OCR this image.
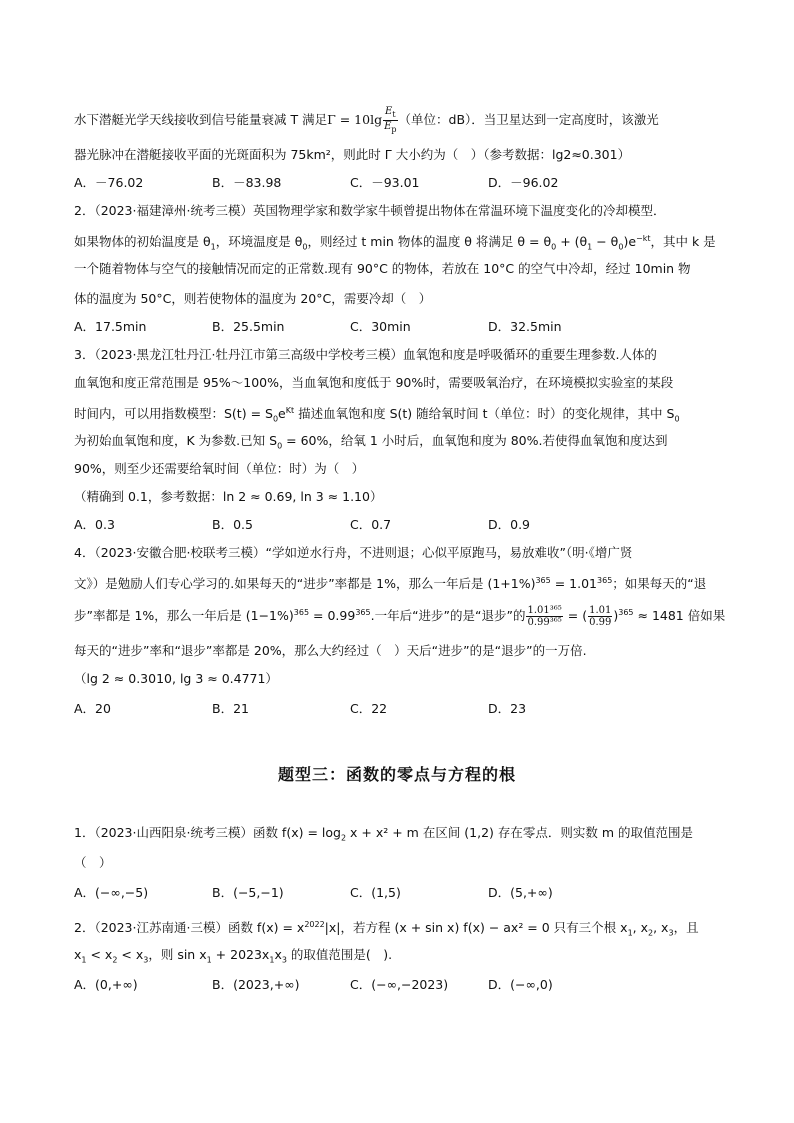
水下潜艇光学天线接收到信号能量衰减 T 满足$\Gamma = 10\lg \frac{E_t}{E_p}$ （单位：dB）．当卫星达到一定高度时，该激光
器光脉冲在潜艇接收平面的光斑面积为 75km²，则此时 Γ 大小约为（　）（参考数据：lg2≈0.301）
A．－76.02	B．－83.98	C．－93.01	D．－96.02
2．（2023·福建漳州·统考三模）英国物理学家和数学家牛顿曾提出物体在常温环境下温度变化的冷却模型．
如果物体的初始温度是 $\theta_1$，环境温度是 $\theta_0$，则经过 t min 物体的温度 θ 将满足 $\theta = \theta_0 + (\theta_1 - \theta_0)e^{-kt}$，其中 k 是
一个随着物体与空气的接触情况而定的正常数.现有 90°C 的物体，若放在 10°C 的空气中冷却，经过 10min 物
体的温度为 50°C，则若使物体的温度为 20°C，需要冷却（　）
A．17.5min	B．25.5min	C．30min	D．32.5min
3．（2023·黑龙江牡丹江·牡丹江市第三高级中学校考三模）血氧饱和度是呼吸循环的重要生理参数.人体的
血氧饱和度正常范围是 95%～100%，当血氧饱和度低于 90%时，需要吸氧治疗，在环境模拟实验室的某段
时间内，可以用指数模型：$S(t) = S_0e^{Kt}$ 描述血氧饱和度 S(t) 随给氧时间 t（单位：时）的变化规律，其中 $S_0$
为初始血氧饱和度，K 为参数.已知 $S_0 = 60\%$，给氧 1 小时后，血氧饱和度为 80%.若使得血氧饱和度达到
90%，则至少还需要给氧时间（单位：时）为（　）
（精确到 0.1，参考数据：ln 2 ≈ 0.69, ln 3 ≈ 1.10）
A．0.3	B．0.5	C．0.7	D．0.9
4．（2023·安徽合肥·校联考三模）“学如逆水行舟，不进则退；心似平原跑马，易放难收”（明·《增广贤
文》）是勉励人们专心学习的.如果每天的“进步”率都是 1%，那么一年后是 $(1+1\%)^{365} = 1.01^{365}$；如果每天的“退
步”率都是 1%，那么一年后是 $(1-1\%)^{365} = 0.99^{365}$.一年后“进步”的是“退步”的 $\frac{\text{1.01³⁶⁵}}{\text{0.99³⁶⁵}}$ = ( $\frac{1.01}{0.99} )^{365} \approx 1481$ 倍如果
每天的“进步”率和“退步”率都是 20%，那么大约经过（　）天后“进步”的是“退步”的一万倍.
（lg 2 ≈ 0.3010, lg 3 ≈ 0.4771）
A．20	B．21	C．22	D．23
题型三：函数的零点与方程的根
1．（2023·山西阳泉·统考三模）函数 $f(x) = \log_2 x + x^2 + m$ 在区间 (1,2) 存在零点．则实数 m 的取值范围是
（　）
A．(−∞,−5)	B．(−5,−1)	C．(1,5)	D．(5,+∞)
2．（2023·江苏南通·三模）函数 $f(x) = x^{2022}|x|$，若方程 (x + sin x) f(x) − ax² = 0 只有三个根 $x_1$, $x_2$, $x_3$，且
$x_1 < x_2 < x_3$，则 $\sin x_1 + 2023x_1x_3$ 的取值范围是(　).
A．(0,+∞)	B．(2023,+∞)	C．(−∞,−2023)	D．(−∞,0)
